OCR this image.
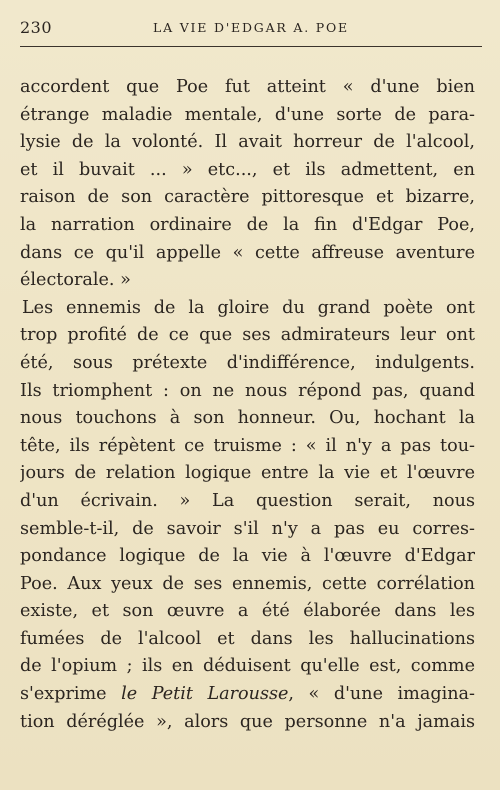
230	LA VIE D'EDGAR A. POE
accordent que Poe fut atteint « d'une bien
étrange maladie mentale, d'une sorte de para-
lysie de la volonté. Il avait horreur de l'alcool,
et il buvait ... » etc..., et ils admettent, en
raison de son caractère pittoresque et bizarre,
la narration ordinaire de la fin d'Edgar Poe,
dans ce qu'il appelle « cette affreuse aventure
électorale. »
Les ennemis de la gloire du grand poète ont
trop profité de ce que ses admirateurs leur ont
été, sous prétexte d'indifférence, indulgents.
Ils triomphent : on ne nous répond pas, quand
nous touchons à son honneur. Ou, hochant la
tête, ils répètent ce truisme : « il n'y a pas tou-
jours de relation logique entre la vie et l'œuvre
d'un écrivain. » La question serait, nous
semble-t-il, de savoir s'il n'y a pas eu corres-
pondance logique de la vie à l'œuvre d'Edgar
Poe. Aux yeux de ses ennemis, cette corrélation
existe, et son œuvre a été élaborée dans les
fumées de l'alcool et dans les hallucinations
de l'opium ; ils en déduisent qu'elle est, comme
s'exprime le Petit Larousse, « d'une imagina-
tion déréglée », alors que personne n'a jamais
